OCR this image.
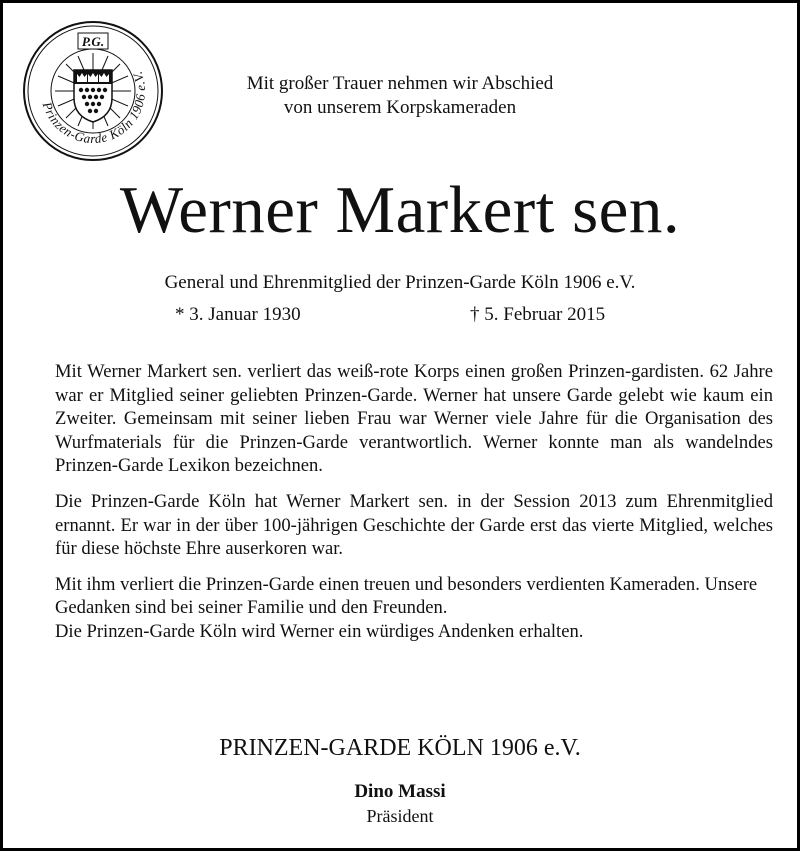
Prinzen-Garde Köln 1906 e.V.
P.G.
Mit großer Trauer nehmen wir Abschied
von unserem Korpskameraden
Werner Markert sen.
General und Ehrenmitglied der Prinzen-Garde Köln 1906 e.V.
* 3. Januar 1930	† 5. Februar 2015

Mit Werner Markert sen. verliert das weiß-rote Korps einen großen Prinzen-gardisten. 62 Jahre war er Mitglied seiner geliebten Prinzen-Garde. Werner hat unsere Garde gelebt wie kaum ein Zweiter. Gemeinsam mit seiner lieben Frau war Werner viele Jahre für die Organisation des Wurfmaterials für die Prinzen-Garde verantwortlich. Werner konnte man als wandelndes Prinzen-Garde Lexikon bezeichnen.

Die Prinzen-Garde Köln hat Werner Markert sen. in der Session 2013 zum Ehrenmitglied ernannt. Er war in der über 100-jährigen Geschichte der Garde erst das vierte Mitglied, welches für diese höchste Ehre auserkoren war.

Mit ihm verliert die Prinzen-Garde einen treuen und besonders verdienten Kameraden. Unsere Gedanken sind bei seiner Familie und den Freunden.
Die Prinzen-Garde Köln wird Werner ein würdiges Andenken erhalten.

PRINZEN-GARDE KÖLN 1906 e.V.
Dino Massi
Präsident
